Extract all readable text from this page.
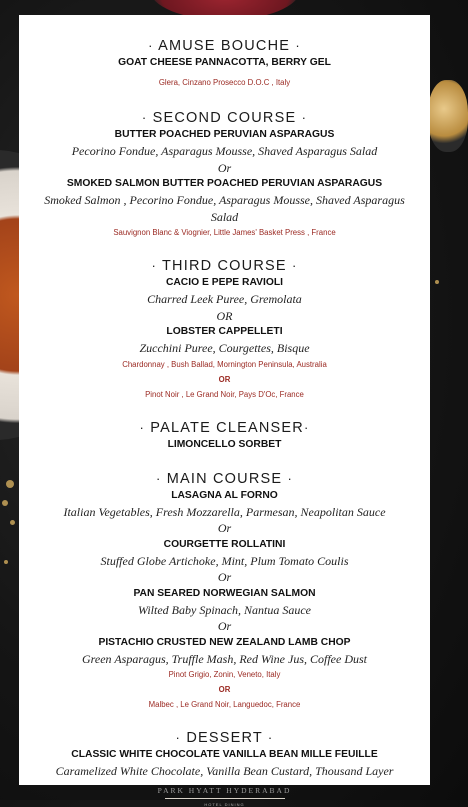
· AMUSE BOUCHE ·

GOAT CHEESE PANNACOTTA, BERRY GEL

Glera, Cinzano Prosecco D.O.C , Italy

· SECOND COURSE ·

BUTTER POACHED PERUVIAN ASPARAGUS

Pecorino Fondue, Asparagus Mousse, Shaved Asparagus Salad

Or

SMOKED SALMON BUTTER POACHED PERUVIAN ASPARAGUS

Smoked Salmon , Pecorino Fondue, Asparagus Mousse, Shaved Asparagus

Salad

Sauvignon Blanc & Viognier, Little James' Basket Press , France

· THIRD COURSE ·

CACIO E PEPE RAVIOLI

Charred Leek Puree, Gremolata

OR

LOBSTER CAPPELLETI

Zucchini Puree, Courgettes, Bisque

Chardonnay , Bush Ballad, Mornington Peninsula, Australia

OR

Pinot Noir , Le Grand Noir, Pays D'Oc, France

· PALATE CLEANSER·

LIMONCELLO SORBET

· MAIN COURSE ·

LASAGNA AL FORNO

Italian Vegetables, Fresh Mozzarella, Parmesan, Neapolitan Sauce

Or

COURGETTE ROLLATINI

Stuffed Globe Artichoke, Mint, Plum Tomato Coulis

Or

PAN SEARED NORWEGIAN SALMON

Wilted Baby Spinach, Nantua Sauce

Or

PISTACHIO CRUSTED NEW ZEALAND LAMB CHOP

Green Asparagus, Truffle Mash, Red Wine Jus, Coffee Dust

Pinot Grigio, Zonin, Veneto, Italy

OR

Malbec , Le Grand Noir, Languedoc, France

· DESSERT ·

CLASSIC WHITE CHOCOLATE VANILLA BEAN MILLE FEUILLE

Caramelized White Chocolate, Vanilla Bean Custard, Thousand Layer

PARK HYATT HYDERABAD
HOTEL DINING
